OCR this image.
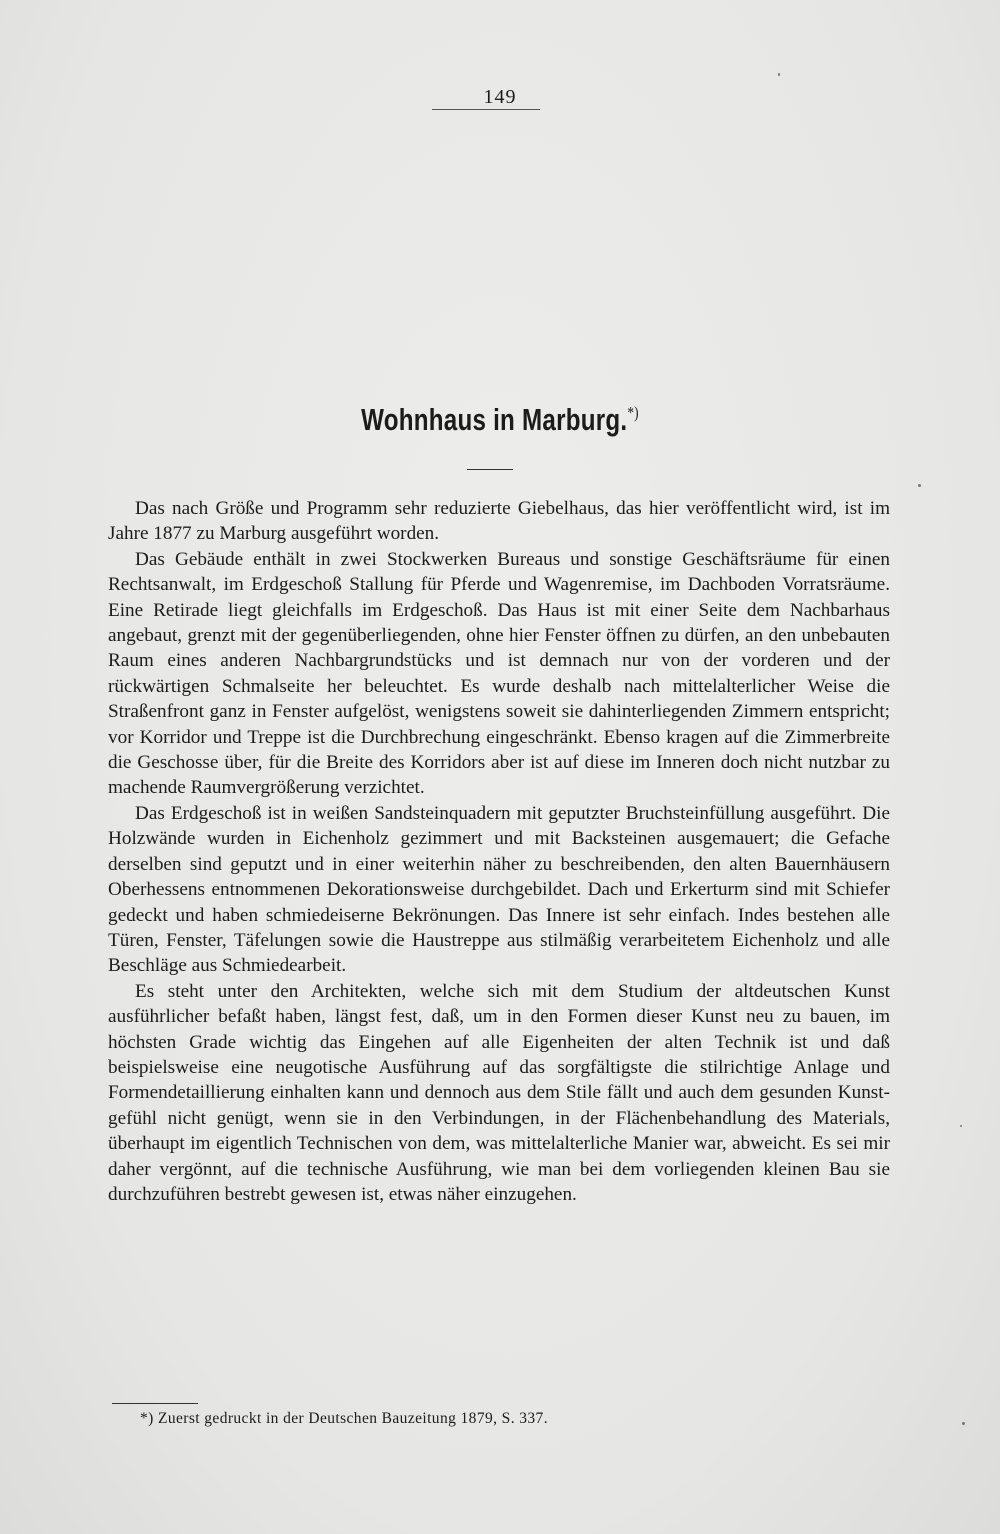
149
Wohnhaus in Marburg.*)

Das nach Größe und Programm sehr reduzierte Giebelhaus, das hier veröffentlicht wird, ist im Jahre 1877 zu Marburg ausgeführt worden.

Das Gebäude enthält in zwei Stockwerken Bureaus und sonstige Geschäftsräume für einen Rechtsanwalt, im Erdgeschoß Stallung für Pferde und Wagenremise, im Dachboden Vorratsräume. Eine Retirade liegt gleichfalls im Erdgeschoß. Das Haus ist mit einer Seite dem Nachbarhaus angebaut, grenzt mit der gegenüberliegenden, ohne hier Fenster öffnen zu dürfen, an den unbebauten Raum eines anderen Nachbargrundstücks und ist demnach nur von der vorderen und der rückwärtigen Schmalseite her beleuchtet. Es wurde deshalb nach mittelalterlicher Weise die Straßenfront ganz in Fenster aufgelöst, wenigstens soweit sie dahinterliegenden Zimmern entspricht; vor Korridor und Treppe ist die Durchbrechung eingeschränkt. Ebenso kragen auf die Zimmerbreite die Geschosse über, für die Breite des Korridors aber ist auf diese im Inneren doch nicht nutzbar zu machende Raumvergrößerung verzichtet.

Das Erdgeschoß ist in weißen Sandsteinquadern mit geputzter Bruchsteinfüllung ausgeführt. Die Holzwände wurden in Eichenholz gezimmert und mit Backsteinen ausgemauert; die Gefache derselben sind geputzt und in einer weiterhin näher zu beschreibenden, den alten Bauernhäusern Oberhessens entnommenen Dekorationsweise durchgebildet. Dach und Erkerturm sind mit Schiefer gedeckt und haben schmiedeiserne Bekrönungen. Das Innere ist sehr einfach. Indes bestehen alle Türen, Fenster, Täfelungen sowie die Haustreppe aus stilmäßig verarbeitetem Eichenholz und alle Beschläge aus Schmiedearbeit.

Es steht unter den Architekten, welche sich mit dem Studium der altdeutschen Kunst ausführlicher befaßt haben, längst fest, daß, um in den Formen dieser Kunst neu zu bauen, im höchsten Grade wichtig das Eingehen auf alle Eigenheiten der alten Technik ist und daß beispielsweise eine neugotische Ausführung auf das sorgfältigste die stilrichtige Anlage und Formendetaillierung einhalten kann und dennoch aus dem Stile fällt und auch dem gesunden Kunstgefühl nicht genügt, wenn sie in den Verbindungen, in der Flächenbehandlung des Materials, überhaupt im eigentlich Technischen von dem, was mittelalterliche Manier war, abweicht. Es sei mir daher vergönnt, auf die technische Ausführung, wie man bei dem vorliegenden kleinen Bau sie durchzuführen bestrebt gewesen ist, etwas näher einzugehen.

*) Zuerst gedruckt in der Deutschen Bauzeitung 1879, S. 337.
